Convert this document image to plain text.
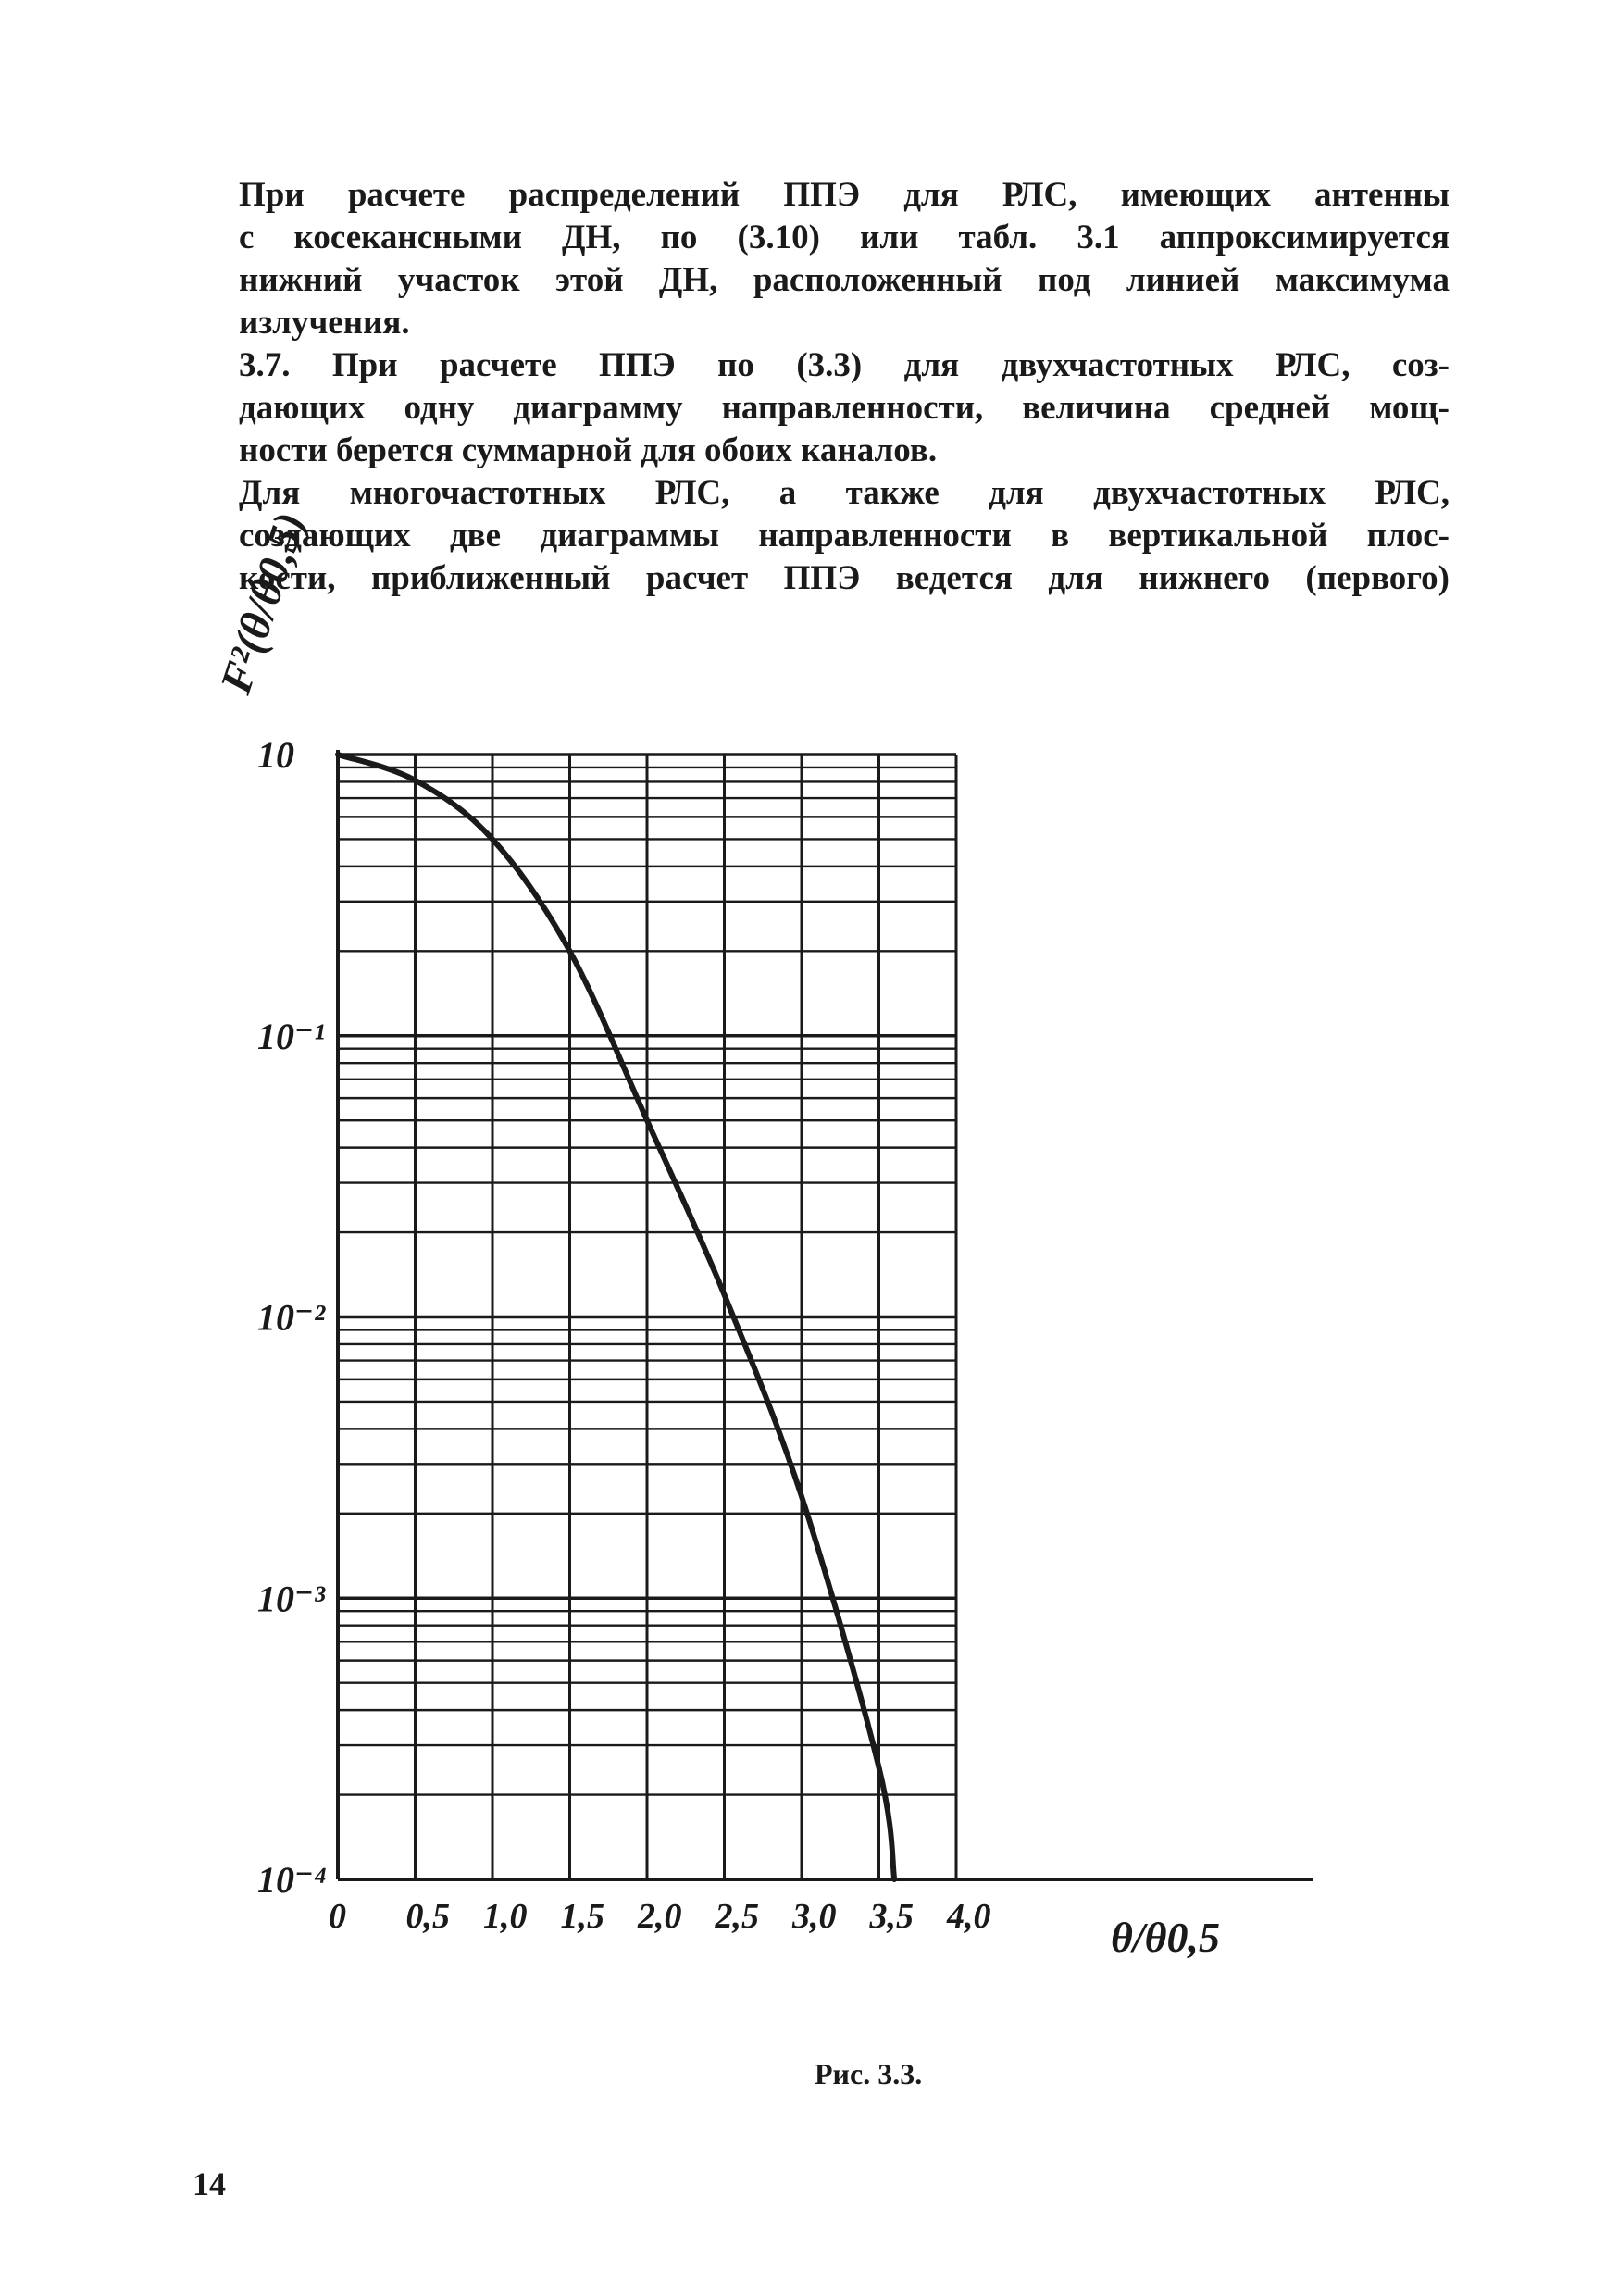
При расчете распределений ППЭ для РЛС, имеющих антенны
с косекансными ДН, по (3.10) или табл. 3.1 аппроксимируется
нижний участок этой ДН, расположенный под линией максимума
излучения.
3.7. При расчете ППЭ по (3.3) для двухчастотных РЛС, соз-
дающих одну диаграмму направленности, величина средней мощ-
ности берется суммарной для обоих каналов.
Для многочастотных РЛС, а также для двухчастотных РЛС,
создающих две диаграммы направленности в вертикальной плос-
кости, приближенный расчет ППЭ ведется для нижнего (первого)
0 0,5 1,0 1,5 2,0 2,5 3,0 3,5 4,0
10
10⁻¹
10⁻²
10⁻³
10⁻⁴
F²(θ/θ0,5)
θ/θ0,5
Рис. 3.3.
14
